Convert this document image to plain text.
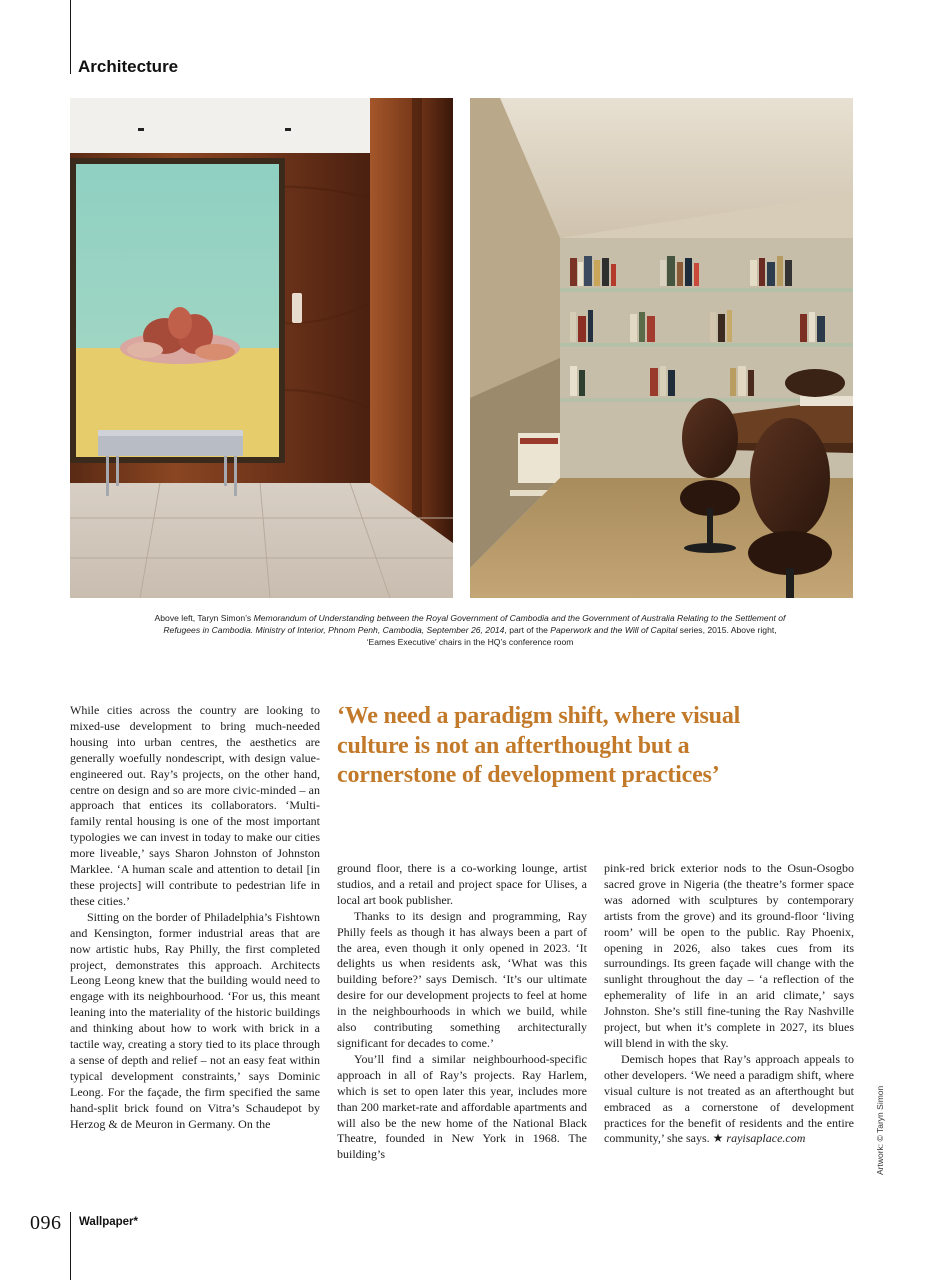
Architecture

Above left, Taryn Simon’s Memorandum of Understanding between the Royal Government of Cambodia and the Government of Australia Relating to the Settlement of Refugees in Cambodia. Ministry of Interior, Phnom Penh, Cambodia, September 26, 2014, part of the Paperwork and the Will of Capital series, 2015. Above right, ‘Eames Executive’ chairs in the HQ’s conference room

‘We need a paradigm shift, where visual culture is not an afterthought but a cornerstone of development practices’

While cities across the country are looking to mixed-use development to bring much-needed housing into urban centres, the aesthetics are generally woefully nondescript, with design value-engineered out. Ray’s projects, on the other hand, centre on design and so are more civic-minded – an approach that entices its collaborators. ‘Multi-family rental housing is one of the most important typologies we can invest in today to make our cities more liveable,’ says Sharon Johnston of Johnston Marklee. ‘A human scale and attention to detail [in these projects] will contribute to pedestrian life in these cities.’

Sitting on the border of Philadelphia’s Fishtown and Kensington, former industrial areas that are now artistic hubs, Ray Philly, the first completed project, demonstrates this approach. Architects Leong Leong knew that the building would need to engage with its neighbourhood. ‘For us, this meant leaning into the materiality of the historic buildings and thinking about how to work with brick in a tactile way, creating a story tied to its place through a sense of depth and relief – not an easy feat within typical development constraints,’ says Dominic Leong. For the façade, the firm specified the same hand-split brick found on Vitra’s Schaudepot by Herzog & de Meuron in Germany. On the

ground floor, there is a co-working lounge, artist studios, and a retail and project space for Ulises, a local art book publisher.

Thanks to its design and programming, Ray Philly feels as though it has always been a part of the area, even though it only opened in 2023. ‘It delights us when residents ask, ‘What was this building before?’ says Demisch. ‘It’s our ultimate desire for our development projects to feel at home in the neighbourhoods in which we build, while also contributing something architecturally significant for decades to come.’

You’ll find a similar neighbourhood-specific approach in all of Ray’s projects. Ray Harlem, which is set to open later this year, includes more than 200 market-rate and affordable apartments and will also be the new home of the National Black Theatre, founded in New York in 1968. The building’s

pink-red brick exterior nods to the Osun-Osogbo sacred grove in Nigeria (the theatre’s former space was adorned with sculptures by contemporary artists from the grove) and its ground-floor ‘living room’ will be open to the public. Ray Phoenix, opening in 2026, also takes cues from its surroundings. Its green façade will change with the sunlight throughout the day – ‘a reflection of the ephemerality of life in an arid climate,’ says Johnston. She’s still fine-tuning the Ray Nashville project, but when it’s complete in 2027, its blues will blend in with the sky.

Demisch hopes that Ray’s approach appeals to other developers. ‘We need a paradigm shift, where visual culture is not treated as an afterthought but embraced as a cornerstone of development practices for the benefit of residents and the entire community,’ she says. ★ rayisaplace.com	Artwork: © Taryn Simon

096 Wallpaper*
